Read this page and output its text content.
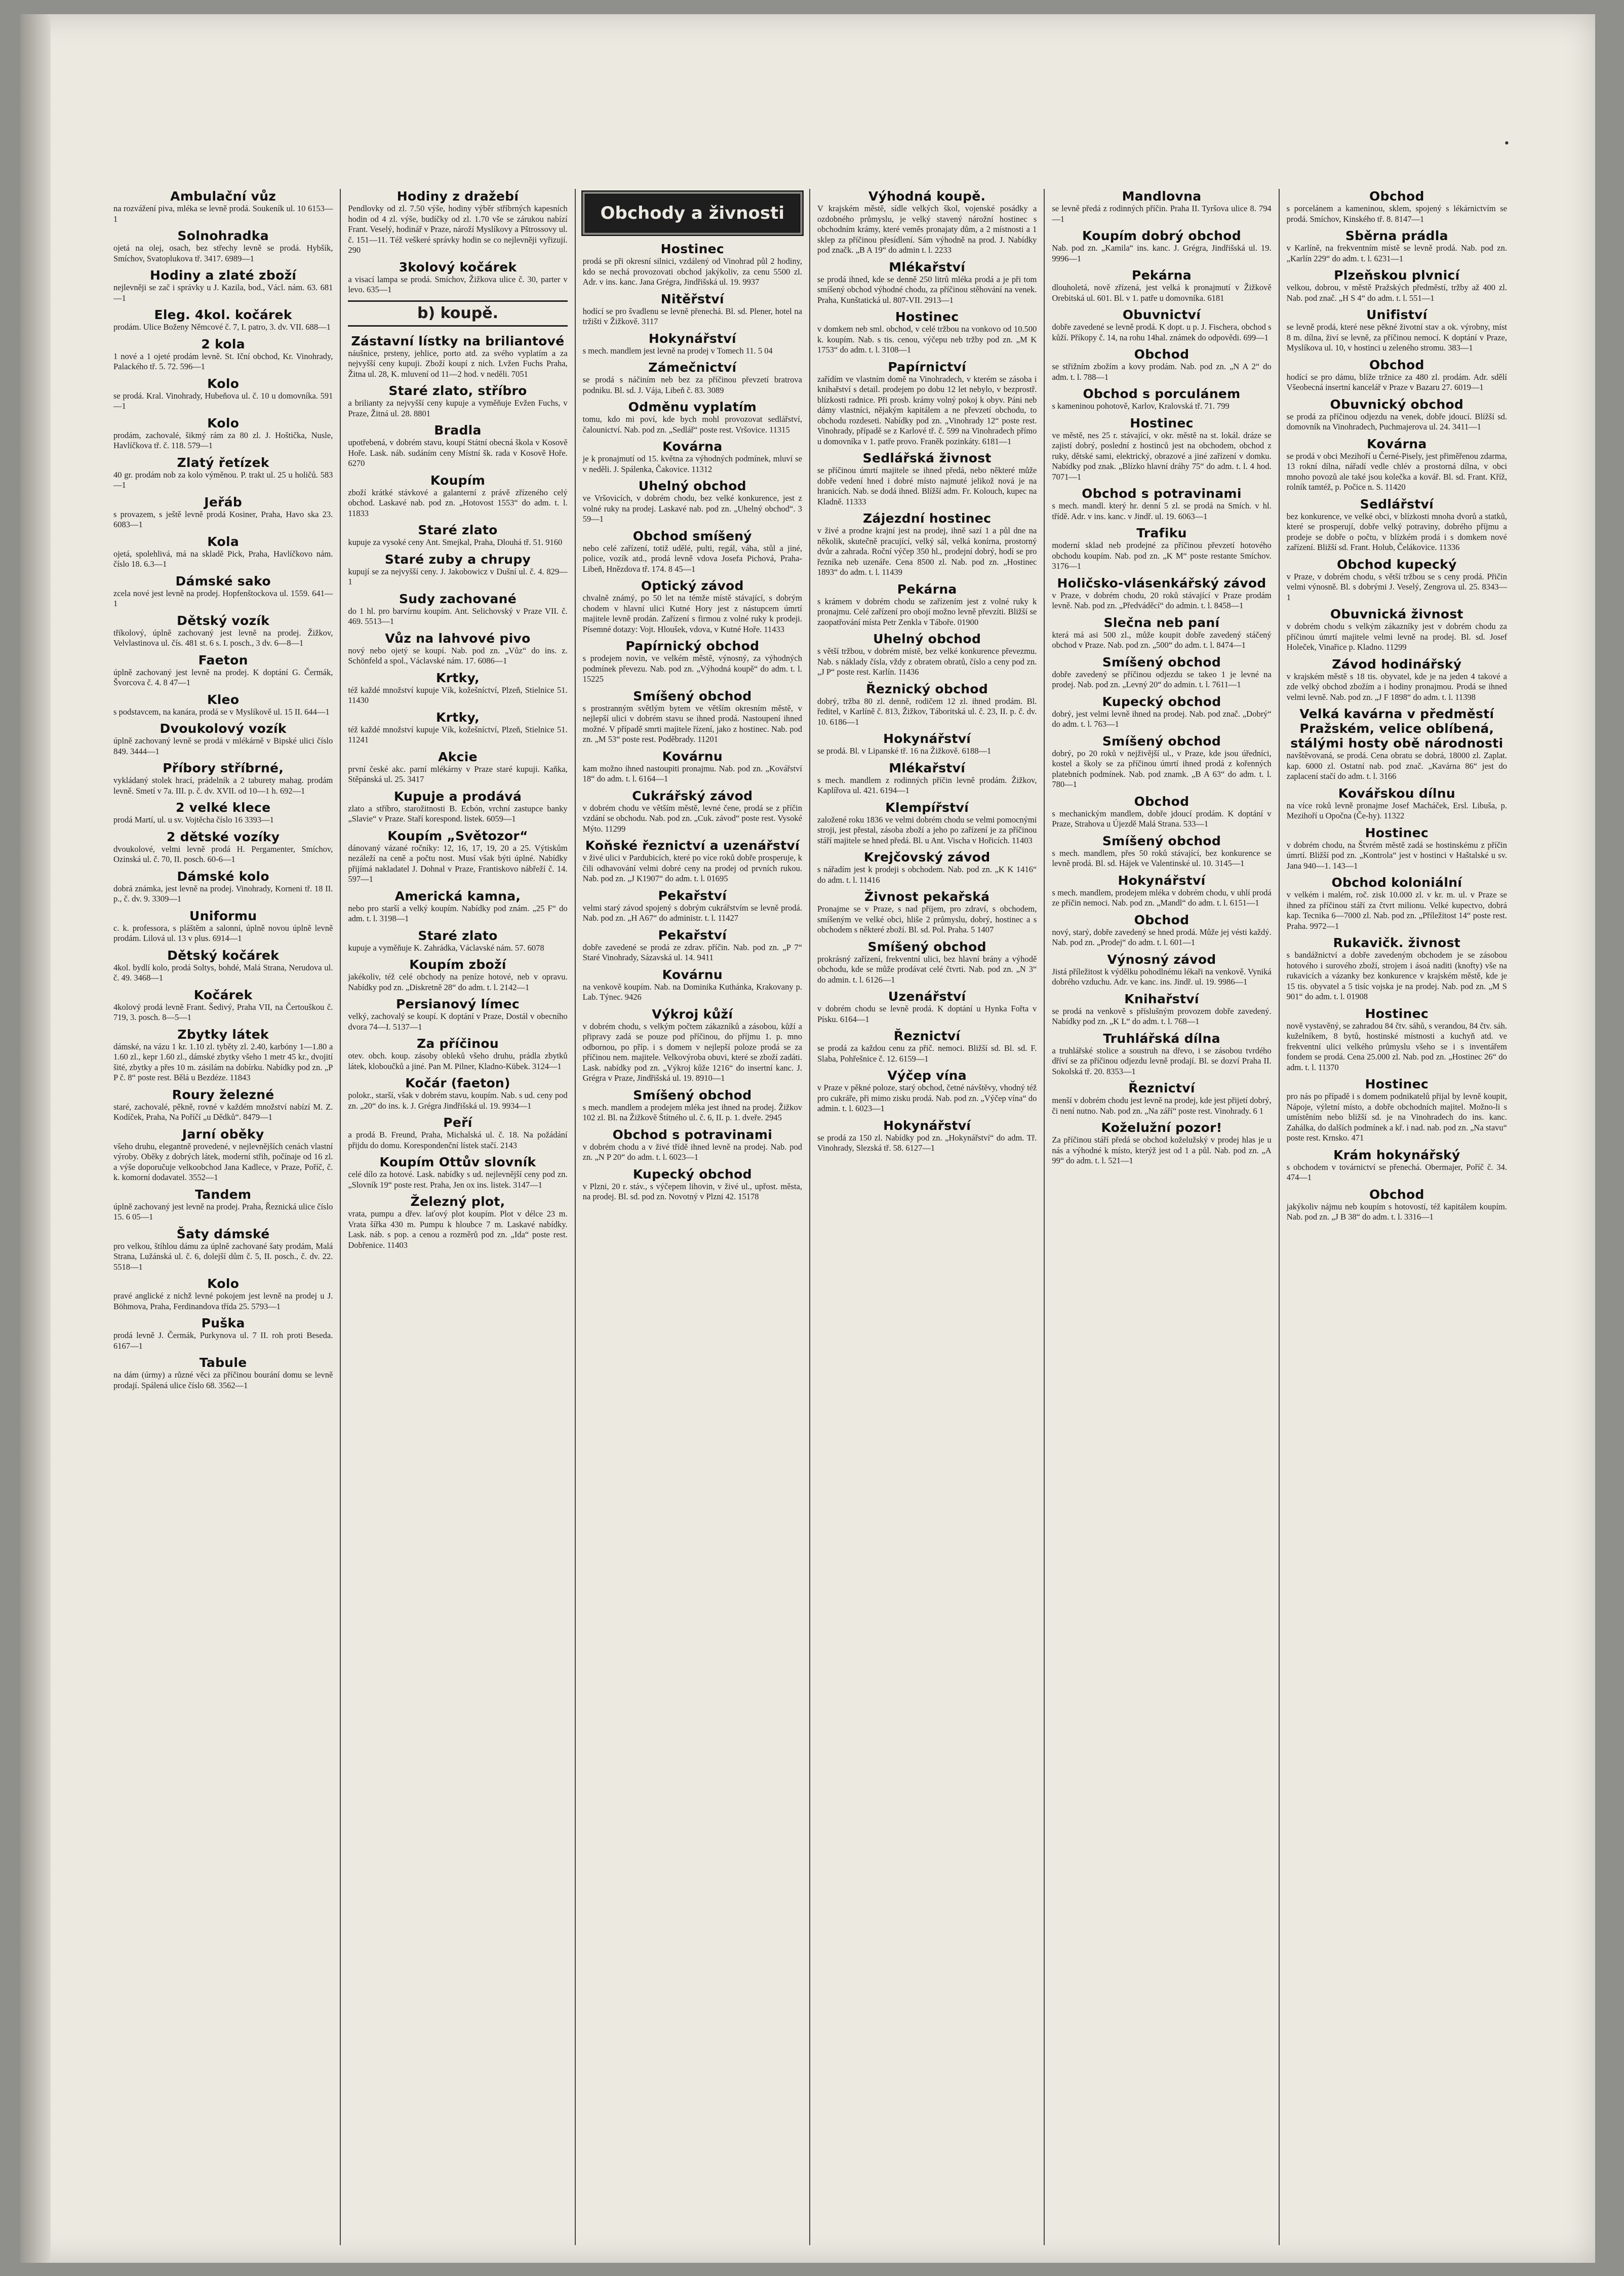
•
Ambulační vůz

na rozvážení piva, mléka se levně prodá. Soukeník ul. 10 6153—1

Solnohradka

ojetá na olej, osach, bez střechy levně se prodá. Hybšík, Smíchov, Svatoplukova tř. 3417. 6989—1

Hodiny a zlaté zboží

nejlevněji se zač i správky u J. Kazila, bod., Václ. nám. 63. 681—1

Eleg. 4kol. kočárek

prodám. Ulice Boženy Němcové č. 7, I. patro, 3. dv. VII. 688—1

2 kola

1 nové a 1 ojeté prodám levně. St. Iční obchod, Kr. Vinohrady, Palackého tř. 5. 72. 596—1

Kolo

se prodá. Kral. Vinohrady, Hubeňova ul. č. 10 u domovníka. 591—1

Kolo

prodám, zachovalé, šikmý rám za 80 zl. J. Hoštička, Nusle, Havlíčkova tř. č. 118. 579—1

Zlatý řetízek

40 gr. prodám nob za kolo výměnou. P. trakt ul. 25 u holičů. 583—1

Jeřáb

s provazem, s ještě levně prodá Kosiner, Praha, Havo ska 23. 6083—1

Kola

ojetá, spolehlivá, má na skladě Pick, Praha, Havlíčkovo nám. číslo 18. 6.3—1

Dámské sako

zcela nové jest levně na prodej. Hopfenštockova ul. 1559. 641—1

Dětský vozík

tříkolový, úplně zachovaný jest levně na prodej. Žižkov, Velvlastinova ul. čís. 481 st. 6 s. I. posch., 3 dv. 6—8—1

Faeton

úplně zachovaný jest levně na prodej. K doptání G. Čermák, Švorcova č. 4. 8 47—1

Kleo

s podstavcem, na kanára, prodá se v Myslíkově ul. 15 II. 644—1

Dvoukolový vozík

úplně zachovaný levně se prodá v mlékárně v Bipské ulici číslo 849. 3444—1

Příbory stříbrné,

vykládaný stolek hrací, prádelník a 2 taburety mahag. prodám levně. Smetí v 7a. III. p. č. dv. XVII. od 10—1 h. 692—1

2 velké klece

prodá Martí, ul. u sv. Vojtěcha číslo 16 3393—1

2 dětské vozíky

dvoukolové, velmi levně prodá H. Pergamenter, Smíchov, Ozinská ul. č. 70, II. posch. 60-6—1

Dámské kolo

dobrá známka, jest levně na prodej. Vinohrady, Korneni tř. 18 II. p., č. dv. 9. 3309—1

Uniformu

c. k. professora, s pláštěm a salonní, úplně novou úplně levně prodám. Lilová ul. 13 v plus. 6914—1

Dětský kočárek

4kol. bydlí kolo, prodá Soltys, bohdé, Malá Strana, Nerudova ul. č. 49. 3468—1

Kočárek

4kolový prodá levně Frant. Šedivý, Praha VII, na Čertouškou č. 719, 3. posch. 8—5—1

Zbytky látek

dámské, na vázu 1 kr. 1.10 zl. tyběty zl. 2.40, karbóny 1—1.80 a 1.60 zl., kepr 1.60 zl., dámské zbytky všeho 1 metr 45 kr., dvojití šité, zbytky a přes 10 m. zásilám na dobírku. Nabídky pod zn. „P P č. 8“ poste rest. Bělá u Bezdéze. 11843

Roury železné

staré, zachovalé, pěkně, rovné v každém množství nabízí M. Z. Kodíček, Praha, Na Poříčí „u Dědků“. 8479—1

Jarní oběky

všeho druhu, elegantně provedené, v nejlevnějších cenách vlastní výroby. Oběky z dobrých látek, moderní střih, počínaje od 16 zl. a výše doporučuje velkoobchod Jana Kadlece, v Praze, Poříč, č. k. komorní dodavatel. 3552—1

Tandem

úplně zachovaný jest levně na prodej. Praha, Řeznická ulice číslo 15. 6 05—1

Šaty dámské

pro velkou, štíhlou dámu za úplně zachované šaty prodám, Malá Strana, Lužánská ul. č. 6, dolejší dům č. 5, II. posch., č. dv. 22. 5518—1

Kolo

pravé anglické z nichž levné pokojem jest levně na prodej u J. Böhmova, Praha, Ferdinandova třída 25. 5793—1

Puška

prodá levně J. Čermák, Purkynova ul. 7 II. roh proti Beseda. 6167—1

Tabule

na dám (úrmy) a různé věci za příčinou bourání domu se levně prodají. Spálená ulice číslo 68. 3562—1

Hodiny z dražebí

Pendlovky od zl. 7.50 výše, hodiny výběr stříbrných kapesních hodin od 4 zl. výše, budíčky od zl. 1.70 vše se zárukou nabízí Frant. Veselý, hodinář v Praze, nároží Myslíkovy a Pštrossovy ul. č. 151—11. Též veškeré správky hodin se co nejlevněji vyřizují. 290

3kolový kočárek

a visací lampa se prodá. Smíchov, Žižkova ulice č. 30, parter v levo. 635—1

b) koupě.
Zástavní lístky na briliantové

náušnice, prsteny, jehlice, porto atd. za svého vyplatím a za nejvyšší ceny kupuji. Zboží koupí z nich. Lvžen Fuchs Praha, Žitna ul. 28, K. mluvení od 11—2 hod. v neděli. 7051

Staré zlato, stříbro

a brilianty za nejvyšší ceny kupuje a vyměňuje Evžen Fuchs, v Praze, Žitná ul. 28. 8801

Bradla

upotřebená, v dobrém stavu, koupí Státní obecná škola v Kosově Hoře. Lask. náb. sudáním ceny Místní šk. rada v Kosově Hoře. 6270

Koupím

zboží krátké stávkové a galanterní z právě zřízeného celý obchod. Laskavé nab. pod zn. „Hotovost 1553“ do adm. t. l. 11833

Staré zlato

kupuje za vysoké ceny Ant. Smejkal, Praha, Dlouhá tř. 51. 9160

Staré zuby a chrupy

kupují se za nejvyšší ceny. J. Jakobowicz v Dušní ul. č. 4. 829—1

Sudy zachované

do 1 hl. pro barvírnu koupím. Ant. Selichovský v Praze VII. č. 469. 5513—1

Vůz na lahvové pivo

nový nebo ojetý se koupí. Nab. pod zn. „Vůz“ do ins. z. Schönfeld a spol., Václavské nám. 17. 6086—1

Krtky,

též každé množství kupuje Vík, kožešníctví, Plzeň, Stielnice 51. 11430

Krtky,

též každé množství kupuje Vík, kožešníctví, Plzeň, Stielnice 51. 11241

Akcie

první české akc. parní mlékárny v Praze staré kupuji. Kaňka, Stěpánská ul. 25. 3417

Kupuje a prodává

zlato a stříbro, starožitnosti B. Ecbón, vrchní zastupce banky „Slavie“ v Praze. Staří korespond. listek. 6059—1

Koupím „Světozor“

dánovaný vázané ročníky: 12, 16, 17, 19, 20 a 25. Výtiskům nezáleží na ceně a počtu nost. Musí však býti úplné. Nabídky přijímá nakladatel J. Dohnal v Praze, Frantiskovo nábřeží č. 14. 597—1

Americká kamna,

nebo pro starší a velký koupím. Nabídky pod znám. „25 F“ do adm. t. l. 3198—1

Staré zlato

kupuje a vyměňuje K. Zahrádka, Václavské nám. 57. 6078

Koupím zboží

jakékoliv, též celé obchody na peníze hotové, neb v opravu. Nabídky pod zn. „Diskretně 28“ do adm. t. l. 2142—1

Persianový límec

velký, zachovalý se koupí. K doptání v Praze, Dostál v obecního dvora 74—I. 5137—1

Za příčinou

otev. obch. koup. zásoby obleků všeho druhu, prádla zbytků látek, kloboučků a jiné. Pan M. Pilner, Kladno-Kübek. 3124—1

Kočár (faeton)

polokr., starší, však v dobrém stavu, koupím. Nab. s ud. ceny pod zn. „20“ do ins. k. J. Grégra Jindřišská ul. 19. 9934—1

Peří

a prodá B. Freund, Praha, Michalská ul. č. 18. Na požádání přijdu do domu. Korespondenční lístek stačí. 2143

Koupím Ottův slovník

celé dílo za hotové. Lask. nabídky s ud. nejlevnější ceny pod zn. „Slovník 19“ poste rest. Praha, Jen ox ins. listek. 3147—1

Železný plot,

vrata, pumpu a dřev. laťový plot koupím. Plot v délce 23 m. Vrata šířka 430 m. Pumpu k hloubce 7 m. Laskavé nabídky. Lask. náb. s pop. a cenou a rozměrů pod zn. „Ida“ poste rest. Dobřenice. 11403

Obchody a živnosti
Hostinec

prodá se při okresní silnici, vzdálený od Vinohrad půl 2 hodiny, kdo se nechá provozovati obchod jakýkoliv, za cenu 5500 zl. Adr. v ins. kanc. Jana Grégra, Jindřišská ul. 19. 9937

Nitěřství

hodící se pro švadlenu se levně přenechá. Bl. sd. Plener, hotel na tržišti v Žižkově. 3117

Hokynářství

s mech. mandlem jest levně na prodej v Tomech 11. 5 04

Zámečnictví

se prodá s náčiním neb bez za příčinou převzetí bratrova podniku. Bl. sd. J. Vája, Libeň č. 83. 3089

Odměnu vyplatím

tomu, kdo mi poví, kde bych mohl provozovat sedlářství, čalounictví. Nab. pod zn. „Sedlář“ poste rest. Vršovice. 11315

Kovárna

je k pronajmutí od 15. května za výhodných podmínek, mluví se v neděli. J. Spálenka, Čakovice. 11312

Uhelný obchod

ve Vršovicích, v dobrém chodu, bez velké konkurence, jest z volné ruky na prodej. Laskavé nab. pod zn. „Uhelný obchod“. 3 59—1

Obchod smíšený

nebo celé zařízení, totiž udělé, pulti, regál, váha, stůl a jiné, police, vozík atd., prodá levně vdova Josefa Pichová, Praha-Libeň, Hnězdova tř. 174. 8 45—1

Optický závod

chvalně známý, po 50 let na témže místě stávající, s dobrým chodem v hlavní ulici Kutné Hory jest z nástupcem úmrtí majitele levně prodán. Zařízení s firmou z volné ruky k prodeji. Písemné dotazy: Vojt. Hloušek, vdova, v Kutné Hoře. 11433

Papírnický obchod

s prodejem novin, ve velkém městě, výnosný, za výhodných podmínek převezu. Nab. pod zn. „Výhodná koupě“ do adm. t. l. 15225

Smíšený obchod

s prostranným světlým bytem ve větším okresním městě, v nejlepší ulici v dobrém stavu se ihned prodá. Nastoupení ihned možné. V případě smrti majitele řízení, jako z hostinec. Nab. pod zn. „M 53“ poste rest. Poděbrady. 11201

Kovárnu

kam možno ihned nastoupiti pronajmu. Nab. pod zn. „Kovářství 18“ do adm. t. l. 6164—1

Cukrářský závod

v dobrém chodu ve větším městě, levné čene, prodá se z příčin vzdání se obchodu. Nab. pod zn. „Cuk. závod“ poste rest. Vysoké Mýto. 11299

Koňské řeznictví a uzenářství

v živé ulici v Pardubicích, které po více roků dobře prosperuje, k čili odhavování velmi dobré ceny na prodej od prvních rukou. Nab. pod zn. „J K1907“ do adm. t. l. 01695

Pekařství

velmi starý závod spojený s dobrým cukrářstvím se levně prodá. Nab. pod zn. „H A67“ do administr. t. l. 11427

Pekařství

dobře zavedené se prodá ze zdrav. příčin. Nab. pod zn. „P 7“ Staré Vinohrady, Sázavská ul. 14. 9411

Kovárnu

na venkově koupím. Nab. na Dominika Kuthánka, Krakovany p. Lab. Týnec. 9426

Výkroj kůží

v dobrém chodu, s velkým počtem zákazníků a zásobou, kůží a připravy zadá se pouze pod příčinou, do příjmu 1. p. mno odbornou, po příp. i s domem v nejlepší poloze prodá se za příčinou nem. majitele. Velkovýroba obuvi, které se zboží zadáti. Lask. nabídky pod zn. „Výkroj kůže 1216“ do insertní kanc. J. Grégra v Praze, Jindřišská ul. 19. 8910—1

Smíšený obchod

s mech. mandlem a prodejem mléka jest ihned na prodej. Žižkov 102 zl. Bl. na Žižkově Štítného ul. č. 6, II. p. 1. dveře. 2945

Obchod s potravinami

v dobrém chodu a v živé třídě ihned levně na prodej. Nab. pod zn. „N P 20“ do adm. t. l. 6023—1

Kupecký obchod

v Plzni, 20 r. stáv., s výčepem lihovin, v živé ul., upřost. města, na prodej. Bl. sd. pod zn. Novotný v Plzni 42. 15178

Výhodná koupě.

V krajském městě, sídle velkých škol, vojenské posádky a ozdobného průmyslu, je velký stavený nárožní hostinec s obchodním krámy, které veměs pronajaty dům, a 2 místnosti a 1 sklep za příčinou přesídlení. Sám výhodně na prod. J. Nabídky pod značk. „B A 19“ do admin t. l. 2233

Mlékařství

se prodá ihned, kde se denně 250 litrů mléka prodá a je při tom smíšený obchod výhodné chodu, za příčinou stěhování na venek. Praha, Kunštatická ul. 807-VII. 2913—1

Hostinec

v domkem neb sml. obchod, v celé tržbou na vonkovo od 10.500 k. koupím. Nab. s tis. cenou, výčepu neb tržby pod zn. „M K 1753“ do adm. t. l. 3108—1

Papírnictví

zařídím ve vlastním domě na Vinohradech, v kterém se zásoba i knihařství s detail. prodejem po dobu 12 let nebylo, v bezprostř. blízkosti radnice. Při prosb. krámy volný pokoj k obyv. Páni neb dámy vlastníci, nějakým kapitálem a ne převzetí obchodu, to obchodu rozdeseti. Nabídky pod zn. „Vinohrady 12“ poste rest. Vinohrady, případě se z Karlové tř. č. 599 na Vinohradech přímo u domovníka v 1. patře provo. Franěk pozinkáty. 6181—1

Sedlářská živnost

se příčinou úmrtí majitele se ihned předá, nebo některé může dobře vedení hned i dobré místo najmuté jelikož nová je na hranicích. Nab. se dodá ihned. Blížší adm. Fr. Kolouch, kupec na Kladně. 11333

Zájezdní hostinec

v živé a prodne krajní jest na prodej, ihně sazí 1 a půl dne na několik, skutečně pracující, velký sál, velká konírna, prostorný dvůr a zahrada. Roční výčep 350 hl., prodejní dobrý, hodí se pro řezníka neb uzenáře. Cena 8500 zl. Nab. pod zn. „Hostinec 1893“ do adm. t. l. 11439

Pekárna

s krámem v dobrém chodu se zařízením jest z volné ruky k pronajmu. Celé zařízení pro obojí možno levně převzíti. Bližší se zaopatřování místa Petr Zenkla v Táboře. 01900

Uhelný obchod

s větší tržbou, v dobrém místě, bez velké konkurence převezmu. Nab. s náklady čísla, vždy z obratem obratů, číslo a ceny pod zn. „J P“ poste rest. Karlín. 11436

Řeznický obchod

dobrý, tržba 80 zl. denně, rodičem 12 zl. ihned prodám. Bl. ředitel, v Karlíně č. 813, Žižkov, Táboritská ul. č. 23, II. p. č. dv. 10. 6186—1

Hokynářství

se prodá. Bl. v Lipanské tř. 16 na Žižkově. 6188—1

Mlékařství

s mech. mandlem z rodinných příčin levně prodám. Žižkov, Kaplířova ul. 421. 6194—1

Klempířství

založené roku 1836 ve velmi dobrém chodu se velmi pomocnými stroji, jest přestal, zásoba zboží a jeho po zařízení je za příčinou stáří majitele se hned předá. Bl. u Ant. Vischa v Hořicích. 11403

Krejčovský závod

s nářadím jest k prodeji s obchodem. Nab. pod zn. „K K 1416“ do adm. t. l. 11416

Živnost pekařská

Pronajme se v Praze, s nad příjem, pro zdraví, s obchodem, smíšeným ve velké obci, hliše 2 průmyslu, dobrý, hostinec a s obchodem s některé zboží. Bl. sd. Pol. Praha. 5 1407

Smíšený obchod

prokrásný zařízení, frekventní ulici, bez hlavní brány a výhodě obchodu, kde se může prodávat celé čtvrti. Nab. pod zn. „N 3“ do admin. t. l. 6126—1

Uzenářství

v dobrém chodu se levně prodá. K doptání u Hynka Fořta v Písku. 6164—1

Řeznictví

se prodá za každou cenu za přič. nemoci. Bližší sd. Bl. sd. F. Slaba, Pohřešnice č. 12. 6159—1

Výčep vína

v Praze v pěkné poloze, starý obchod, četné návštěvy, vhodný též pro cukráře, při mimo zisku prodá. Nab. pod zn. „Výčep vína“ do admin. t. l. 6023—1

Hokynářství

se prodá za 150 zl. Nabídky pod zn. „Hokynářství“ do adm. Tř. Vinohrady, Slezská tř. 58. 6127—1

Mandlovna

se levně předá z rodinných příčin. Praha II. Tyršova ulice 8. 794—1

Koupím dobrý obchod

Nab. pod zn. „Kamila“ ins. kanc. J. Grégra, Jindřišská ul. 19. 9996—1

Pekárna

dlouholetá, nově zřízená, jest velká k pronajmutí v Žižkově Orebitská ul. 601. Bl. v 1. patře u domovníka. 6181

Obuvnictví

dobře zavedené se levně prodá. K dopt. u p. J. Fischera, obchod s kůží. Příkopy č. 14, na rohu 14hal. známek do odpovědi. 699—1

Obchod

se střižním zbožím a kovy prodám. Nab. pod zn. „N A 2“ do adm. t. l. 788—1

Obchod s porculánem

s kameninou pohotově, Karlov, Kralovská tř. 71. 799

Hostinec

ve městě, nes 25 r. stávající, v okr. městě na st. lokál. dráze se zajistí dobrý, poslední z hostinců jest na obchodem, obchod z ruky, dětské sami, elektrický, obrazové a jiné zařízení v domku. Nabídky pod znak. „Blízko hlavní dráhy 75“ do adm. t. l. 4 hod. 7071—1

Obchod s potravinami

s mech. mandl. který hr. denní 5 zl. se prodá na Smích. v hl. třídě. Adr. v ins. kanc. v Jindř. ul. 19. 6063—1

Trafiku

moderní sklad neb prodejné za příčinou převzetí hotového obchodu koupím. Nab. pod zn. „K M“ poste restante Smíchov. 3176—1

Holičsko-vlásenkářský závod

v Praze, v dobrém chodu, 20 roků stávající v Praze prodám levně. Nab. pod zn. „Předváděcí“ do admin. t. l. 8458—1

Slečna neb paní

která má asi 500 zl., může koupit dobře zavedený stáčený obchod v Praze. Nab. pod zn. „500“ do adm. t. l. 8474—1

Smíšený obchod

dobře zavedený se příčinou odjezdu se takeo 1 je levné na prodej. Nab. pod zn. „Levný 20“ do admin. t. l. 7611—1

Kupecký obchod

dobrý, jest velmi levně ihned na prodej. Nab. pod znač. „Dobrý“ do adm. t. l. 763—1

Smíšený obchod

dobrý, po 20 roků v nejživější ul., v Praze, kde jsou úředníci, kostel a školy se za příčinou úmrtí ihned prodá z kořenných platebních podmínek. Nab. pod znamk. „B A 63“ do adm. t. l. 780—1

Obchod

s mechanickým mandlem, dobře jdoucí prodám. K doptání v Praze, Strahova u Újezdě Malá Strana. 533—1

Smíšený obchod

s mech. mandlem, přes 50 roků stávající, bez konkurence se levně prodá. Bl. sd. Hájek ve Valentinské ul. 10. 3145—1

Hokynářství

s mech. mandlem, prodejem mléka v dobrém chodu, v uhlí prodá ze příčin nemoci. Nab. pod zn. „Mandl“ do adm. t. l. 6151—1

Obchod

nový, starý, dobře zavedený se hned prodá. Může jej vésti každý. Nab. pod zn. „Prodej“ do adm. t. l. 601—1

Výnosný závod

Jistá příležitost k výdělku pohodlnému lékaři na venkově. Vyniká dobrého vzduchu. Adr. ve kanc. ins. Jindř. ul. 19. 9986—1

Knihařství

se prodá na venkově s příslušným provozem dobře zavedený. Nabídky pod zn. „K L“ do adm. t. l. 768—1

Truhlářská dílna

a truhlářské stolice a soustruh na dřevo, i se zásobou tvrdého dříví se za příčinou odjezdu levně prodají. Bl. se dozví Praha II. Sokolská tř. 20. 8353—1

Řeznictví

menší v dobrém chodu jest levně na prodej, kde jest přijetí dobrý, či není nutno. Nab. pod zn. „Na září“ poste rest. Vinohrady. 6 1

Koželužní pozor!

Za příčinou stáří předá se obchod koželužský v prodej hlas je u nás a výhodné k místo, kterýž jest od 1 a půl. Nab. pod zn. „A 99“ do adm. t. l. 521—1

Obchod

s porcelánem a kameninou, sklem, spojený s lékárnictvím se prodá. Smíchov, Kinského tř. 8. 8147—1

Sběrna prádla

v Karlíně, na frekventním místě se levně prodá. Nab. pod zn. „Karlín 229“ do adm. t. l. 6231—1

Plzeňskou plvnicí

velkou, dobrou, v městě Pražských předměstí, tržby až 400 zl. Nab. pod znač. „H S 4“ do adm. t. l. 551—1

Unifiství

se levně prodá, které nese pěkné životní stav a ok. výrobny, míst 8 m. dílna, živí se levně, za příčinou nemocí. K doptání v Praze, Myslíkova ul. 10, v hostinci u zeleného stromu. 383—1

Obchod

hodící se pro dámu, blíže tržnice za 480 zl. prodám. Adr. sdělí Všeobecná insertní kancelář v Praze v Bazaru 27. 6019—1

Obuvnický obchod

se prodá za příčinou odjezdu na venek, dobře jdoucí. Blížší sd. domovník na Vinohradech, Puchmajerova ul. 24. 3411—1

Kovárna

se prodá v obci Mezihoří u Černé-Pisely, jest přiměřenou zdarma, 13 rokní dílna, nářadí vedle chlév a prostorná dílna, v obci mnoho povozů ale také jsou kolečka a kovář. Bl. sd. Frant. Kříž, rolník tamtéž, p. Počice n. S. 11420

Sedlářství

bez konkurence, ve velké obci, v blízkosti mnoha dvorů a statků, které se prosperují, dobře velký potraviny, dobrého příjmu a prodeje se dobře o počtu, v blízkém prodá i s domkem nové zařízení. Bližší sd. Frant. Holub, Čelákovice. 11336

Obchod kupecký

v Praze, v dobrém chodu, s větší tržbou se s ceny prodá. Přičin velmi výnosně. Bl. s dobrými J. Veselý, Zengrova ul. 25. 8343—1

Obuvnická živnost

v dobrém chodu s velkým zákazníky jest v dobrém chodu za příčinou úmrtí majitele velmi levně na prodej. Bl. sd. Josef Holeček, Vinařice p. Kladno. 11299

Závod hodinářský

v krajském městě s 18 tis. obyvatel, kde je na jeden 4 takové a zde velký obchod zbožím a i hodiny pronajmou. Prodá se ihned velmi levně. Nab. pod zn. „J F 1898“ do adm. t. l. 11398

Velká kavárna v předměstí Pražském, velice oblíbená, stálými hosty obě národnosti

navštěvovaná, se prodá. Cena obratu se dobrá, 18000 zl. Zaplat. kap. 6000 zl. Ostatní nab. pod znač. „Kavárna 86“ jest do zaplacení stačí do adm. t. l. 3166

Kovářskou dílnu

na více roků levně pronajme Josef Macháček, Ersl. Libuša, p. Mezihoří u Opočna (Če-hy). 11322

Hostinec

v dobrém chodu, na Štvrém městě zadá se hostinskému z příčin úmrtí. Bližší pod zn. „Kontrola“ jest v hostinci v Haštalské u sv. Jana 940—1. 143—1

Obchod koloniální

v velkém i malém, roč. zisk 10.000 zl. v kr. m. ul. v Praze se ihned za příčinou stáří za čtvrt milionu. Velké kupectvo, dobrá kap. Tecnika 6—7000 zl. Nab. pod zn. „Příležitost 14“ poste rest. Praha. 9972—1

Rukavičk. živnost

s bandážnictví a dobře zavedeným obchodem je se zásobou hotového i surového zboží, strojem i ásoá naditi (knofty) vše na rukavicích a vázanky bez konkurence v krajském městě, kde je 15 tis. obyvatel a 5 tisíc vojska je na prodej. Nab. pod zn. „M S 901“ do adm. t. l. 01908

Hostinec

nově vystavěný, se zahradou 84 čtv. sáhů, s verandou, 84 čtv. sáh. kuželníkem, 8 bytů, hostinské místnosti a kuchyň atd. ve frekventní ulici velkého průmyslu všeho se i s inventářem fondem se prodá. Cena 25.000 zl. Nab. pod zn. „Hostinec 26“ do adm. t. l. 11370

Hostinec

pro nás po případě i s domem podnikatelů přijal by levně koupit, Nápoje, výletní místo, a dobře obchodních majitel. Možno-li s umístěním nebo bližší sd. je na Vinohradech do ins. kanc. Zahálka, do dalších podmínek a kř. i nad. nab. pod zn. „Na stavu“ poste rest. Krnsko. 471

Krám hokynářský

s obchodem v továrnictví se přenechá. Obermajer, Poříč č. 34. 474—1

Obchod

jakýkoliv nájmu neb koupím s hotovostí, též kapitálem koupím. Nab. pod zn. „J B 38“ do adm. t. l. 3316—1
